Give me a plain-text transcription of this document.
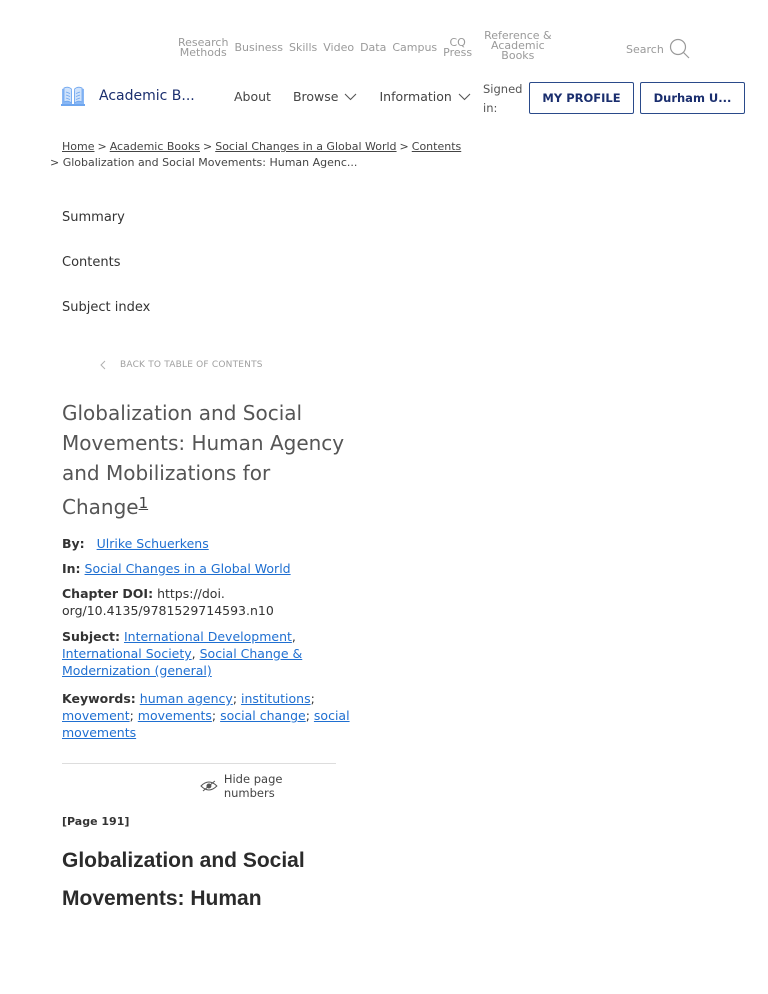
Research
Methods Business Skills Video Data Campus	CQ
Press
Reference &
Academic
Books	Search
Academic B...	About Browse	Information	Signed
in:
MY PROFILE	Durham U...
Home > Academic Books > Social Changes in a Global World > Contents
> Globalization and Social Movements: Human Agenc...
Summary
Contents
Subject index
BACK TO TABLE OF CONTENTS
Globalization and Social Movements: Human Agency and Mobilizations for Change$^1$
By: Ulrike Schuerkens
In: Social Changes in a Global World
Chapter DOI: https://doi. org/10.4135/9781529714593.n10
Subject: International Development, International Society, Social Change & Modernization (general)
Keywords: human agency; institutions; movement; movements; social change; social movements
Hide page numbers
[Page 191]
Globalization and Social Movements: Human
